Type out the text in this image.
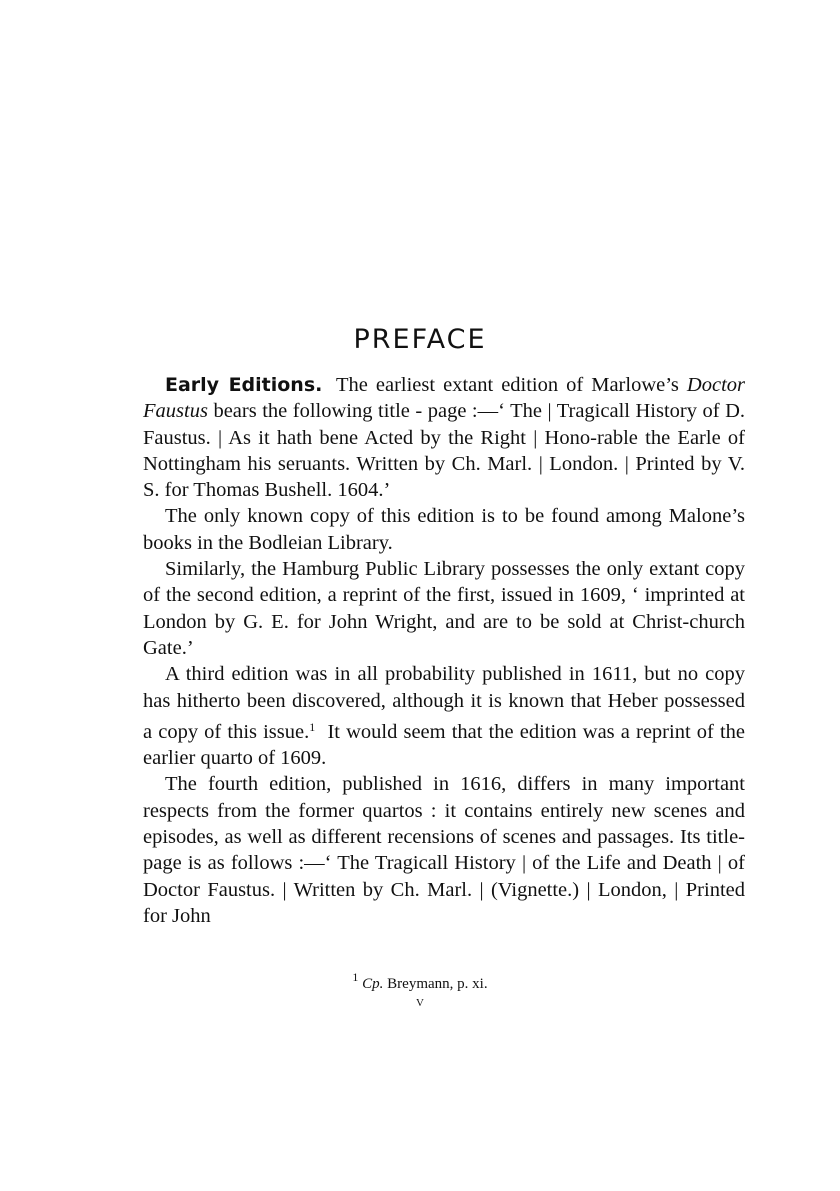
PREFACE

Early Editions. The earliest extant edition of Marlowe’s Doctor Faustus bears the following title - page :—‘ The | Tragicall History of D. Faustus. | As it hath bene Acted by the Right | Hono-rable the Earle of Nottingham his seruants. Written by Ch. Marl. | London. | Printed by V. S. for Thomas Bushell. 1604.’

The only known copy of this edition is to be found among Malone’s books in the Bodleian Library.

Similarly, the Hamburg Public Library possesses the only extant copy of the second edition, a reprint of the first, issued in 1609, ‘ imprinted at London by G. E. for John Wright, and are to be sold at Christ-church Gate.’

A third edition was in all probability published in 1611, but no copy has hitherto been discovered, although it is known that Heber possessed a copy of this issue.$^1$ It would seem that the edition was a reprint of the earlier quarto of 1609.

The fourth edition, published in 1616, differs in many important respects from the former quartos : it contains entirely new scenes and episodes, as well as different recensions of scenes and passages. Its title-page is as follows :—‘ The Tragicall History | of the Life and Death | of Doctor Faustus. | Written by Ch. Marl. | (Vignette.) | London, | Printed for John

$^1$ Cp. Breymann, p. xi.
v
